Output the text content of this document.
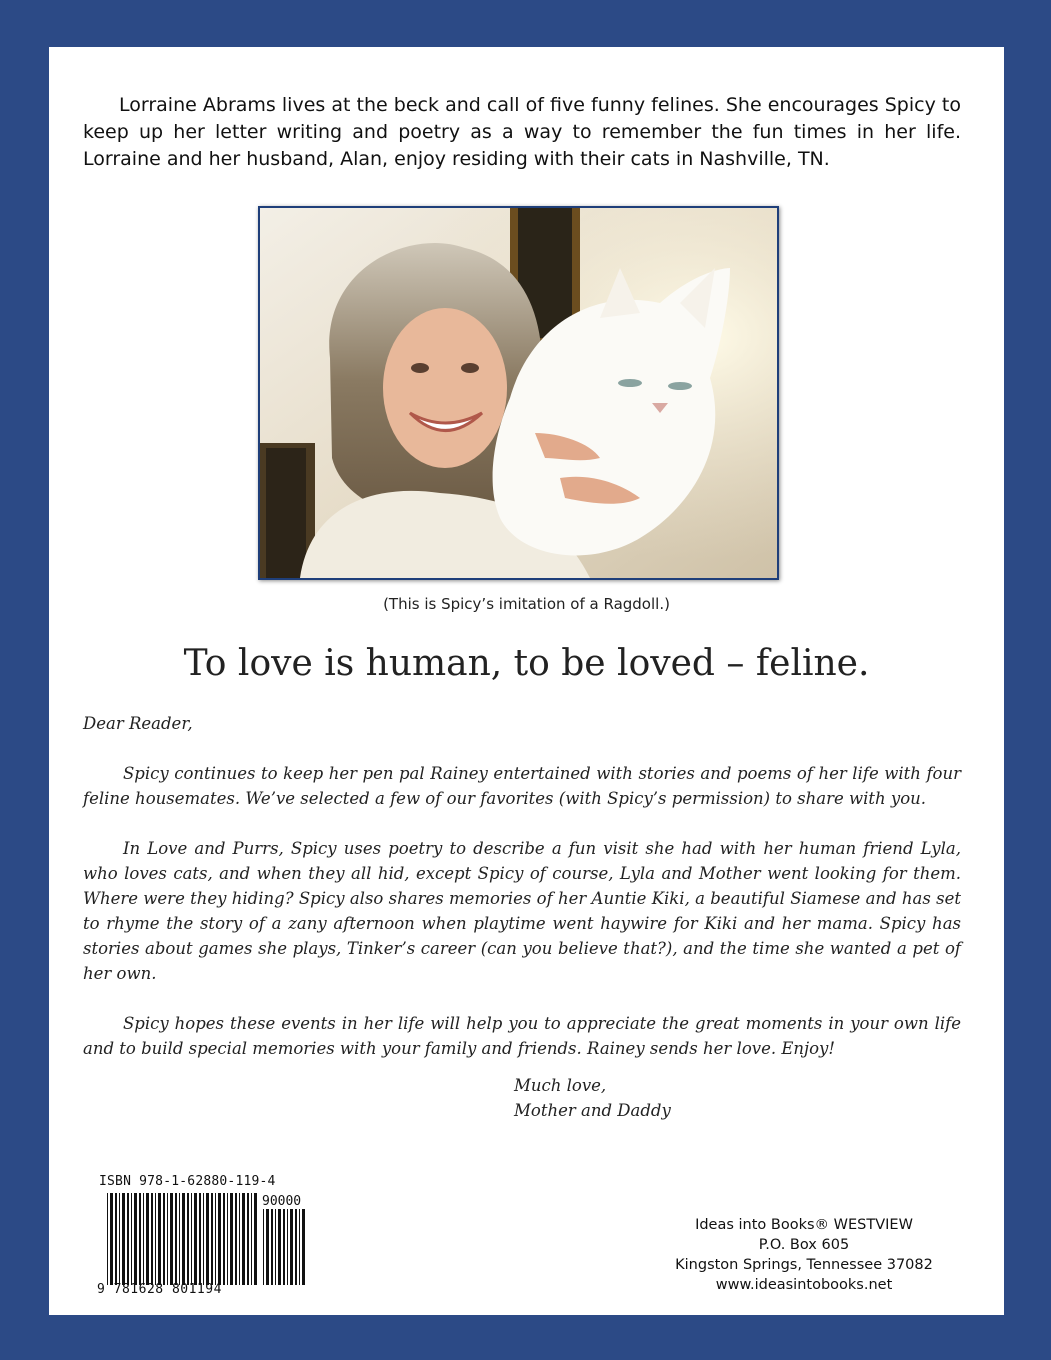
Lorraine Abrams lives at the beck and call of five funny felines. She encourages Spicy to keep up her letter writing and poetry as a way to remember the fun times in her life. Lorraine and her husband, Alan, enjoy residing with their cats in Nashville, TN.

(This is Spicy’s imitation of a Ragdoll.)
To love is human, to be loved – feline.

Dear Reader,

Spicy continues to keep her pen pal Rainey entertained with stories and poems of her life with four feline housemates. We’ve selected a few of our favorites (with Spicy’s permission) to share with you.

In Love and Purrs, Spicy uses poetry to describe a fun visit she had with her human friend Lyla, who loves cats, and when they all hid, except Spicy of course, Lyla and Mother went looking for them. Where were they hiding? Spicy also shares memories of her Auntie Kiki, a beautiful Siamese and has set to rhyme the story of a zany afternoon when playtime went haywire for Kiki and her mama. Spicy has stories about games she plays, Tinker’s career (can you believe that?), and the time she wanted a pet of her own.

Spicy hopes these events in her life will help you to appreciate the great moments in your own life and to build special memories with your family and friends. Rainey sends her love. Enjoy!

Much love,
Mother and Daddy
ISBN 978-1-62880-119-4
90000
9 781628 801194
Ideas into Books® WESTVIEW
P.O. Box 605
Kingston Springs, Tennessee 37082
www.ideasintobooks.net
